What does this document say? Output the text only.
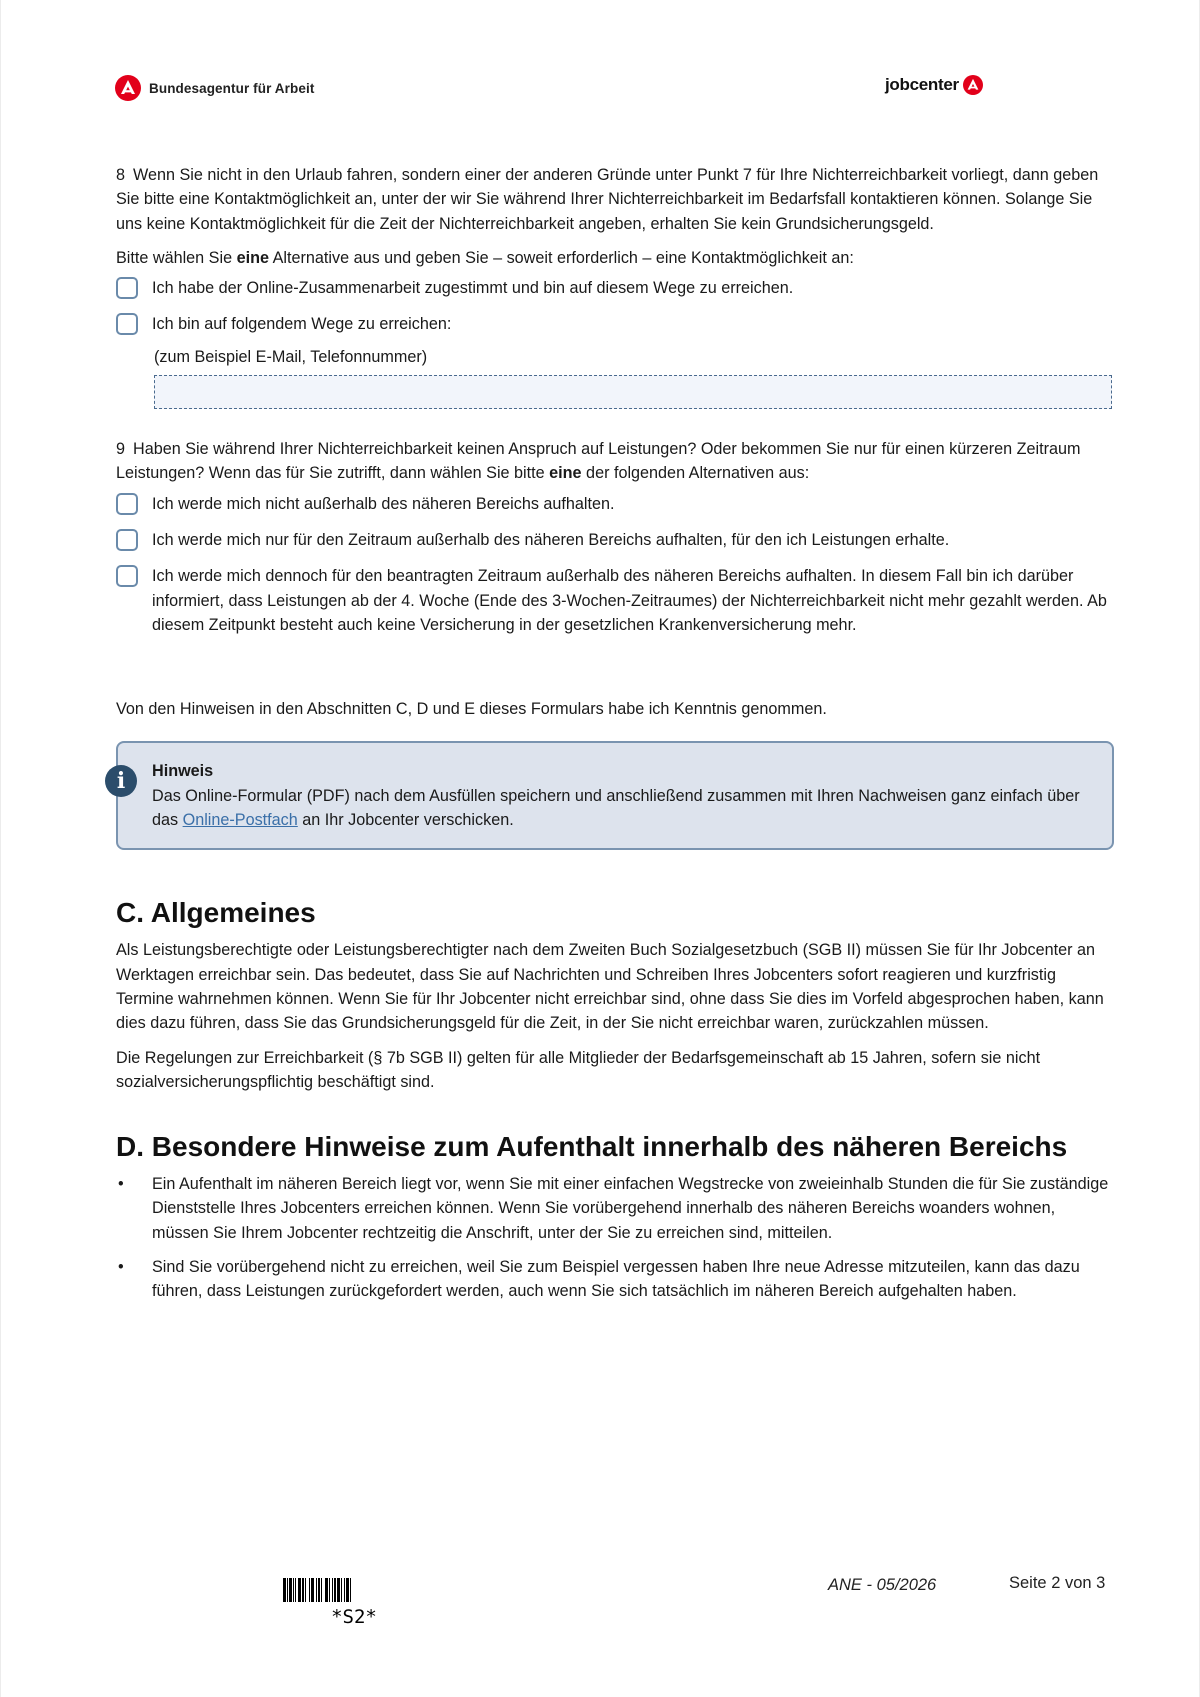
Bundesagentur für Arbeit	jobcenter

8 Wenn Sie nicht in den Urlaub fahren, sondern einer der anderen Gründe unter Punkt 7 für Ihre Nichterreichbarkeit vorliegt, dann geben Sie bitte eine Kontaktmöglichkeit an, unter der wir Sie während Ihrer Nichterreichbarkeit im Bedarfsfall kontaktieren können. Solange Sie uns keine Kontaktmöglichkeit für die Zeit der Nichterreichbarkeit angeben, erhalten Sie kein Grundsicherungsgeld.

Bitte wählen Sie eine Alternative aus und geben Sie – soweit erforderlich – eine Kontaktmöglichkeit an:

Ich habe der Online-Zusammenarbeit zugestimmt und bin auf diesem Wege zu erreichen.
Ich bin auf folgendem Wege zu erreichen:

(zum Beispiel E-Mail, Telefonnummer)

9 Haben Sie während Ihrer Nichterreichbarkeit keinen Anspruch auf Leistungen? Oder bekommen Sie nur für einen kürzeren Zeitraum Leistungen? Wenn das für Sie zutrifft, dann wählen Sie bitte eine der folgenden Alternativen aus:

Ich werde mich nicht außerhalb des näheren Bereichs aufhalten.
Ich werde mich nur für den Zeitraum außerhalb des näheren Bereichs aufhalten, für den ich Leistungen erhalte.
Ich werde mich dennoch für den beantragten Zeitraum außerhalb des näheren Bereichs aufhalten. In diesem Fall bin ich darüber informiert, dass Leistungen ab der 4. Woche (Ende des 3-Wochen-Zeitraumes) der Nichterreichbarkeit nicht mehr gezahlt werden. Ab diesem Zeitpunkt besteht auch keine Versicherung in der gesetzlichen Krankenversicherung mehr.

Von den Hinweisen in den Abschnitten C, D und E dieses Formulars habe ich Kenntnis genommen.

i	Hinweis

Das Online-Formular (PDF) nach dem Ausfüllen speichern und anschließend zusammen mit Ihren Nachweisen ganz einfach über das Online-Postfach an Ihr Jobcenter verschicken.

C. Allgemeines

Als Leistungsberechtigte oder Leistungsberechtigter nach dem Zweiten Buch Sozialgesetzbuch (SGB II) müssen Sie für Ihr Jobcenter an Werktagen erreichbar sein. Das bedeutet, dass Sie auf Nachrichten und Schreiben Ihres Jobcenters sofort reagieren und kurzfristig Termine wahrnehmen können. Wenn Sie für Ihr Jobcenter nicht erreichbar sind, ohne dass Sie dies im Vorfeld abgesprochen haben, kann dies dazu führen, dass Sie das Grundsicherungsgeld für die Zeit, in der Sie nicht erreichbar waren, zurückzahlen müssen.

Die Regelungen zur Erreichbarkeit (§ 7b SGB II) gelten für alle Mitglieder der Bedarfsgemeinschaft ab 15 Jahren, sofern sie nicht sozialversicherungspflichtig beschäftigt sind.

D. Besondere Hinweise zum Aufenthalt innerhalb des näheren Bereichs
• Ein Aufenthalt im näheren Bereich liegt vor, wenn Sie mit einer einfachen Wegstrecke von zweieinhalb Stunden die für Sie zuständige Dienststelle Ihres Jobcenters erreichen können. Wenn Sie vorübergehend innerhalb des näheren Bereichs woanders wohnen, müssen Sie Ihrem Jobcenter rechtzeitig die Anschrift, unter der Sie zu erreichen sind, mitteilen.
• Sind Sie vorübergehend nicht zu erreichen, weil Sie zum Beispiel vergessen haben Ihre neue Adresse mitzuteilen, kann das dazu führen, dass Leistungen zurückgefordert werden, auch wenn Sie sich tatsächlich im näheren Bereich aufgehalten haben.
*S2*
ANE - 05/2026	Seite 2 von 3
